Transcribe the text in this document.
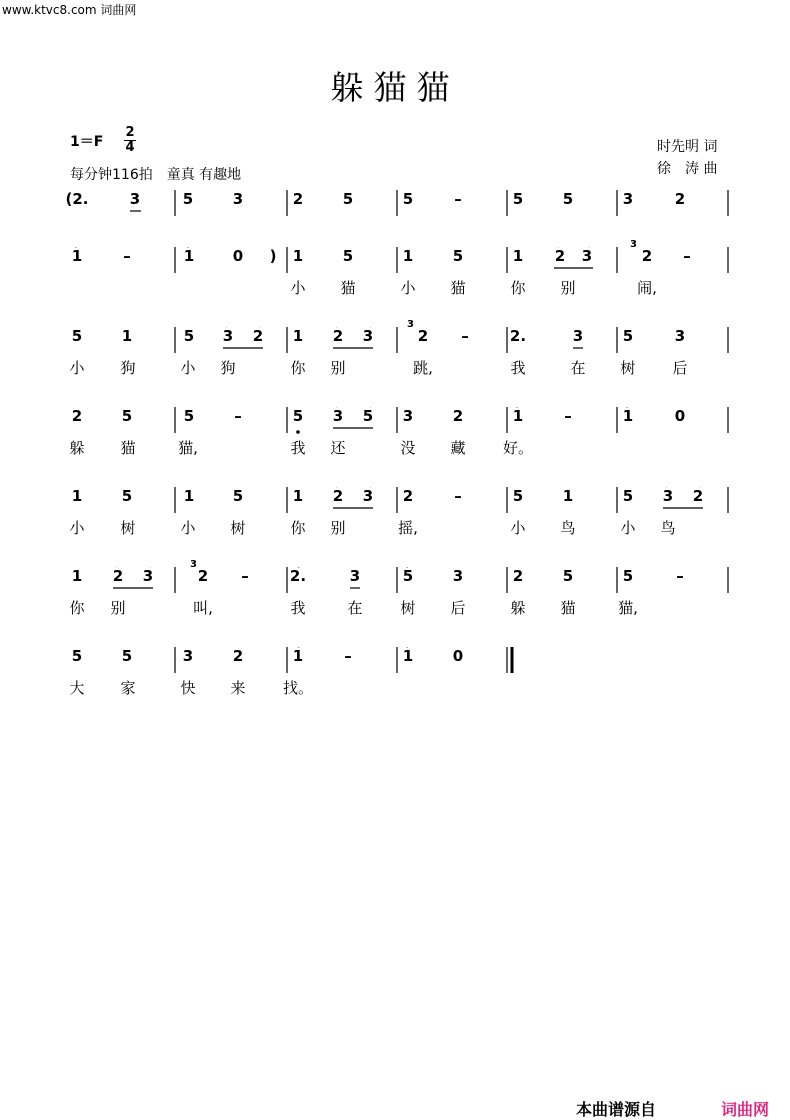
www.ktvc8.com 词曲网
躲猫猫
1＝F
2
4
每分钟116拍　童真 有趣地
时先明 词
徐　涛 曲
(2.	3	5	3	2	5	5	–	5	5	3	2
1	–	1	0 ) 1	5	1	5	1 2 3	2 –
小 猫	小 猫	你 别	闹,
3
5	1	5 3 2 1 2 3	2 –	2.	3	5	3
小 狗	小 狗	你 别	跳,	我	在 树 后
3
2	5	5	–	5 3 5 3	2	1	–	1	0
躲 猫	猫,	我 还	没 藏 好。
1	5	1	5	1 2 3 2	–	5	1	5 3 2
小 树	小 树	你 别	摇,	小 鸟	小 鸟
1 2 3	2 –	2.	3	5	3	2	5	5	–
你 别	叫,	我	在	树 后	躲 猫	猫,
3
5	5	3	2	1	–	1	0
大 家	快 来 找。
本曲谱源自	词曲网
